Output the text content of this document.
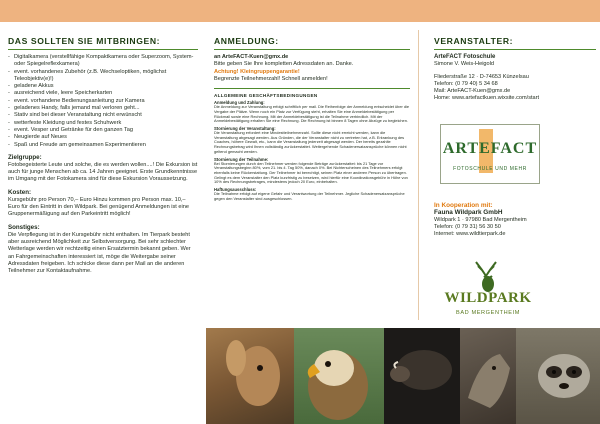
DAS SOLLTEN SIE MITBRINGEN:

- Digitalkamera (verstellfähige Kompaktkamera oder Superzoom, System- oder Spiegelreflexkamera)
- event. vorhandenes Zubehör (z.B. Wechseloptiken, möglichst Teleobjektiv(e)!)
- geladene Akkus
- ausreichend viele, leere Speicherkarten
- event. vorhandene Bedienungsanleitung zur Kamera
- geladenes Handy, falls jemand mal verloren geht...
- Stativ sind bei dieser Veranstaltung nicht erwünscht
- wetterfeste Kleidung und festes Schuhwerk
- event. Vesper und Getränke für den ganzen Tag
- Neugierde auf Neues
- Spaß und Freude am gemeinsamen Experimentieren

Zielgruppe:

Fotobegeisterte Leute und solche, die es werden wollen....! Die Exkursion ist auch für junge Menschen ab ca. 14 Jahren geeignet. Erste Grundkenntnisse im Umgang mit der Fotokamera sind für diese Exkursion Voraussetzung.

Kosten:

Kursgebühr pro Person 70,– Euro Hinzu kommen pro Person max. 10,– Euro für den Eintritt in den Wildpark. Bei genügend Anmeldungen ist eine Gruppenermäßigung auf den Parkeintritt möglich!

Sonstiges:

Die Verpflegung ist in der Kursgebühr nicht enthalten. Im Tierpark besteht aber ausreichend Möglichkeit zur Selbstversorgung. Bei sehr schlechter Wetterlage werden wir rechtzeitig einen Ersatztermin bekannt geben. Wer an Fahrgemeinschaften interessiert ist, möge die Weitergabe seiner Adressdaten freigeben. Ich schicke diese dann per Mail an die anderen Teilnehmer zur Kontaktaufnahme.

ANMELDUNG:

an ArteFACT-Kuen@gmx.de

Bitte geben Sie Ihre kompletten Adressdaten an. Danke.

Achtung! Kleingruppengarantie!

Begrenzte Teilnehmerzahl! Schnell anmelden!

ALLGEMEINE GESCHÄFTSBEDINGUNGEN

Anmeldung und Zahlung:

Die Anmeldung zur Veranstaltung erfolgt schriftlich per mail. Die Reihenfolge der Anmeldung entscheidet über die Vergabe der Plätze. Wenn noch ein Platz zur Verfügung steht, erhalten Sie eine Anmeldebestätigung per Rückmail sowie eine Rechnung. Mit der Anmeldebestätigung ist die Teilnahme verbindlich. Mit der Anmeldebestätigung erhalten Sie eine Rechnung. Die Rechnung ist binnen 8 Tagen ohne Abzüge zu begleichen.

Stornierung der Veranstaltung:

Die Veranstaltung erfordert eine Mindestteilnehmerzahl. Sollte diese nicht erreicht werden, kann die Veranstaltung abgesagt werden. Aus Gründen, die der Veranstalter nicht zu vertreten hat, z.B. Erkrankung des Coaches, höhere Gewalt, etc., kann die Veranstaltung jederzeit abgesagt werden. Der bereits gezahlte Rechnungsbetrag wird Ihnen vollständig zurückerstattet. Weitergehende Schadenersatzansprüche können nicht geltend gemacht werden.

Stornierung der Teilnahme:

Bei Stornierungen durch den Teilnehmer werden folgende Beträge zurückerstattet: bis 21 Tage vor Veranstaltungsbeginn 80%, vom 21. bis 4. Tag 50%, danach 0%. Bei Nichterscheinen des Teilnehmers erfolgt ebenfalls keine Rückerstattung. Der Teilnehmer ist berechtigt, seinen Platz einer anderen Person zu übertragen. Gelingt es dem Veranstalter den Platz kurzfristig zu besetzen, wird hierfür eine Koordinationsgebühr in Höhe von 10% des Rechnungsbetrages, mindestens jedoch 20 Euro, einbehalten.

Haftungsausschluss:

Die Teilnahme erfolgt auf eigene Gefahr und Verantwortung der Teilnehmer. Jegliche Schadenersatzansprüche gegen den Veranstalter sind ausgeschlossen.

VERANSTALTER:

ArteFACT Fotoschule

Simone V. Weis-Heigold

Fliederstraße 12 · D-74653 Künzelsau

Telefon: (0 79 40) 5 34 68

Mail: ArteFACT-Kuen@gmx.de

Home: www.artefactkuen.wixsite.com/start

ARTEFACT
FOTOSCHULE UND MEHR

In Kooperation mit:

Fauna Wildpark GmbH

Wildpark 1 · 97980 Bad Mergentheim

Telefon: (0 79 31) 56 30 50

Internet: www.wildtierpark.de

WILDPARK
BAD MERGENTHEIM
